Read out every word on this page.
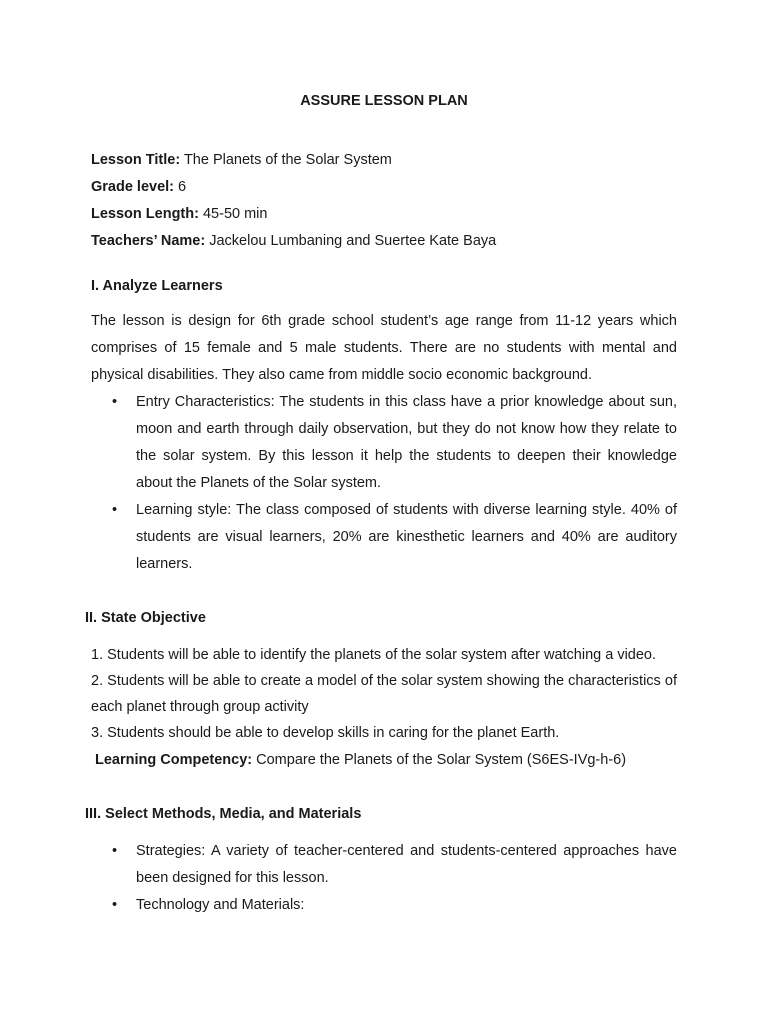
ASSURE LESSON PLAN
Lesson Title: The Planets of the Solar System
Grade level: 6
Lesson Length: 45-50 min
Teachers’ Name: Jackelou Lumbaning and Suertee Kate Baya
I. Analyze Learners
The lesson is design for 6th grade school student’s age range from 11-12 years which comprises of 15 female and 5 male students. There are no students with mental and physical disabilities. They also came from middle socio economic background.
• Entry Characteristics: The students in this class have a prior knowledge about sun, moon and earth through daily observation, but they do not know how they relate to the solar system. By this lesson it help the students to deepen their knowledge about the Planets of the Solar system.
• Learning style: The class composed of students with diverse learning style. 40% of students are visual learners, 20% are kinesthetic learners and 40% are auditory learners.
II. State Objective
1. Students will be able to identify the planets of the solar system after watching a video.
2. Students will be able to create a model of the solar system showing the characteristics of each planet through group activity
3. Students should be able to develop skills in caring for the planet Earth.
Learning Competency: Compare the Planets of the Solar System (S6ES-IVg-h-6)
III. Select Methods, Media, and Materials
• Strategies: A variety of teacher-centered and students-centered approaches have been designed for this lesson.
• Technology and Materials:
